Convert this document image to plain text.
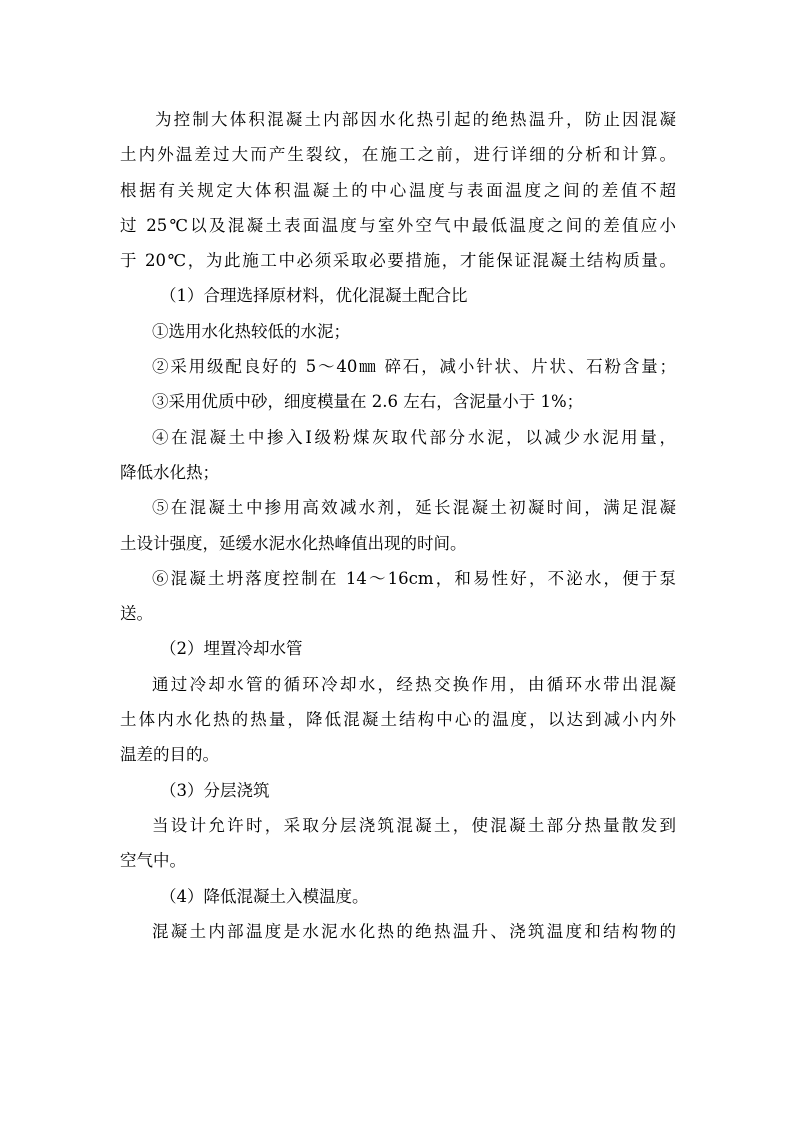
为控制大体积混凝土内部因水化热引起的绝热温升，防止因混凝
土内外温差过大而产生裂纹，在施工之前，进行详细的分析和计算。
根据有关规定大体积温凝土的中心温度与表面温度之间的差值不超
过 25℃以及混凝土表面温度与室外空气中最低温度之间的差值应小
于 20℃，为此施工中必须采取必要措施，才能保证混凝土结构质量。
（1）合理选择原材料，优化混凝土配合比
①选用水化热较低的水泥；
②采用级配良好的 5～40㎜ 碎石，减小针状、片状、石粉含量；
③采用优质中砂，细度模量在 2.6 左右，含泥量小于 1%；
④在混凝土中掺入Ⅰ级粉煤灰取代部分水泥，以减少水泥用量，
降低水化热；
⑤在混凝土中掺用高效减水剂，延长混凝土初凝时间，满足混凝
土设计强度，延缓水泥水化热峰值出现的时间。
⑥混凝土坍落度控制在 14～16cm，和易性好，不泌水，便于泵
送。
（2）埋置冷却水管
通过冷却水管的循环冷却水，经热交换作用，由循环水带出混凝
土体内水化热的热量，降低混凝土结构中心的温度，以达到减小内外
温差的目的。
（3）分层浇筑
当设计允许时，采取分层浇筑混凝土，使混凝土部分热量散发到
空气中。
（4）降低混凝土入模温度。
混凝土内部温度是水泥水化热的绝热温升、浇筑温度和结构物的
